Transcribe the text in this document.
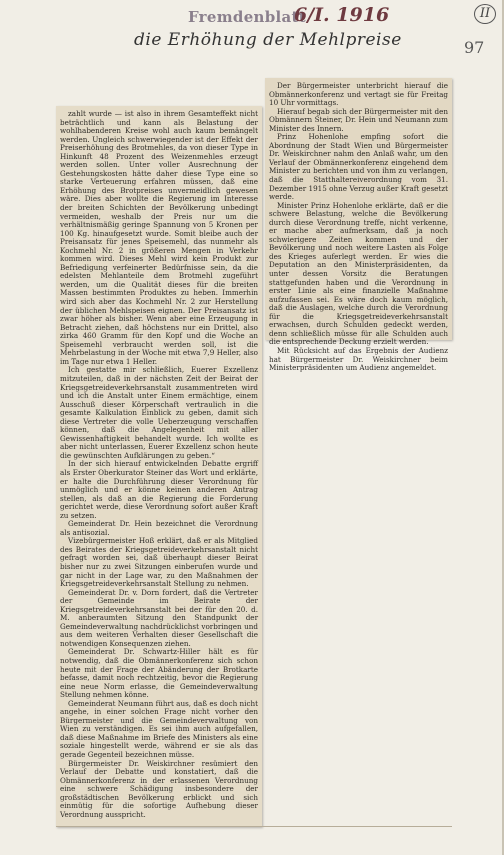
Fremdenblatt
6/I. 1916	II
die Erhöhung der Mehlpreise	97

Der Bürgermeister unterbricht hierauf die Obmännerkonferenz und vertagt sie für Freitag 10 Uhr vormittags.

Hierauf begab sich der Bürgermeister mit den Obmännern Steiner, Dr. Hein und Neumann zum Minister des Innern.

Prinz Hohenlohe empfing sofort die Abordnung der Stadt Wien und Bürgermeister Dr. Weiskirchner nahm den Anlaß wahr, um den Verlauf der Obmännerkonferenz eingehend dem Minister zu berichten und von ihm zu verlangen, daß die Statthaltereiverordnung vom 31. Dezember 1915 ohne Verzug außer Kraft gesetzt werde.

Minister Prinz Hohenlohe erklärte, daß er die schwere Belastung, welche die Bevölkerung durch diese Verordnung treffe, nicht verkenne, er mache aber aufmerksam, daß ja noch schwierigere Zeiten kommen und der Bevölkerung und noch weitere Lasten als Folge des Krieges auferlegt werden. Er wies die Deputation an den Ministerpräsidenten, da unter dessen Vorsitz die Beratungen stattgefunden haben und die Verordnung in erster Linie als eine finanzielle Maßnahme aufzufassen sei. Es wäre doch kaum möglich, daß die Auslagen, welche durch die Verordnung für die Kriegsgetreideverkehrsanstalt erwachsen, durch Schulden gedeckt werden, denn schließlich müsse für alle Schulden auch die entsprechende Deckung erzielt werden.

Mit Rücksicht auf das Ergebnis der Audienz hat Bürgermeister Dr. Weiskirchner beim Ministerpräsidenten um Audienz angemeldet.

zahlt wurde — ist also in ihrem Gesamteffekt nicht beträchtlich und kann als Belastung der wohlhabenderen Kreise wohl auch kaum bemängelt werden. Ungleich schwerwiegender ist der Effekt der Preiserhöhung des Brotmehles, da von dieser Type in Hinkunft 48 Prozent des Weizenmehles erzeugt werden sollen. Unter voller Ausrechnung der Gestehungskosten hätte daher diese Type eine so starke Verteuerung erfahren müssen, daß eine Erhöhung des Brotpreises unvermeidlich gewesen wäre. Dies aber wollte die Regierung im Interesse der breiten Schichten der Bevölkerung unbedingt vermeiden, weshalb der Preis nur um die verhältnismäßig geringe Spannung von 5 Kronen per 100 Kg. hinaufgesetzt wurde. Somit bleibe auch der Preisansatz für jenes Speisemehl, das nunmehr als Kochmehl Nr. 2 in größeren Mengen in Verkehr kommen wird. Dieses Mehl wird kein Produkt zur Befriedigung verfeinerter Bedürfnisse sein, da die edelsten Mehlanteile dem Brotmehl zugeführt werden, um die Qualität dieses für die breiten Massen bestimmten Produktes zu heben. Immerhin wird sich aber das Kochmehl Nr. 2 zur Herstellung der üblichen Mehlspeisen eignen. Der Preisansatz ist zwar höher als bisher. Wenn aber eine Erzeugung in Betracht ziehen, daß höchstens nur ein Drittel, also zirka 460 Gramm für den Kopf und die Woche an Speisemehl verbraucht werden soll, ist die Mehrbelastung in der Woche mit etwa 7,9 Heller, also im Tage nur etwa 1 Heller.

Ich gestatte mir schließlich, Euerer Exzellenz mitzuteilen, daß in der nächsten Zeit der Beirat der Kriegsgetreideverkehrsanstalt zusammentreten wird und ich die Anstalt unter Einem ermächtige, einem Ausschuß dieser Körperschaft vertraulich in die gesamte Kalkulation Einblick zu geben, damit sich diese Vertreter die volle Ueberzeugung verschaffen können, daß die Angelegenheit mit aller Gewissenhaftigkeit behandelt wurde. Ich wollte es aber nicht unterlassen, Euerer Exzellenz schon heute die gewünschten Aufklärungen zu geben.“

In der sich hierauf entwickelnden Debatte ergriff als Erster Oberkurator Steiner das Wort und erklärte, er halte die Durchführung dieser Verordnung für unmöglich und er könne keinen anderen Antrag stellen, als daß an die Regierung die Forderung gerichtet werde, diese Verordnung sofort außer Kraft zu setzen.

Gemeinderat Dr. Hein bezeichnet die Verordnung als antisozial.

Vizebürgermeister Hoß erklärt, daß er als Mitglied des Beirates der Kriegsgetreideverkehrsanstalt nicht gefragt worden sei, daß überhaupt dieser Beirat bisher nur zu zwei Sitzungen einberufen wurde und gar nicht in der Lage war, zu den Maßnahmen der Kriegsgetreideverkehrsanstalt Stellung zu nehmen.

Gemeinderat Dr. v. Dorn fordert, daß die Vertreter der Gemeinde im Beirate der Kriegsgetreideverkehrsanstalt bei der für den 20. d. M. anberaumten Sitzung den Standpunkt der Gemeindeverwaltung nachdrücklichst vorbringen und aus dem weiteren Verhalten dieser Gesellschaft die notwendigen Konsequenzen ziehen.

Gemeinderat Dr. Schwartz-Hiller hält es für notwendig, daß die Obmännerkonferenz sich schon heute mit der Frage der Abänderung der Brotkarte befasse, damit noch rechtzeitig, bevor die Regierung eine neue Norm erlasse, die Gemeindeverwaltung Stellung nehmen könne.

Gemeinderat Neumann führt aus, daß es doch nicht angehe, in einer solchen Frage nicht vorher den Bürgermeister und die Gemeindeverwaltung von Wien zu verständigen. Es sei ihm auch aufgefallen, daß diese Maßnahme im Briefe des Ministers als eine soziale hingestellt werde, während er sie als das gerade Gegenteil bezeichnen müsse.

Bürgermeister Dr. Weiskirchner resümiert den Verlauf der Debatte und konstatiert, daß die Obmännerkonferenz in der erlassenen Verordnung eine schwere Schädigung insbesondere der großstädtischen Bevölkerung erblickt und sich einmütig für die sofortige Aufhebung dieser Verordnung ausspricht.
